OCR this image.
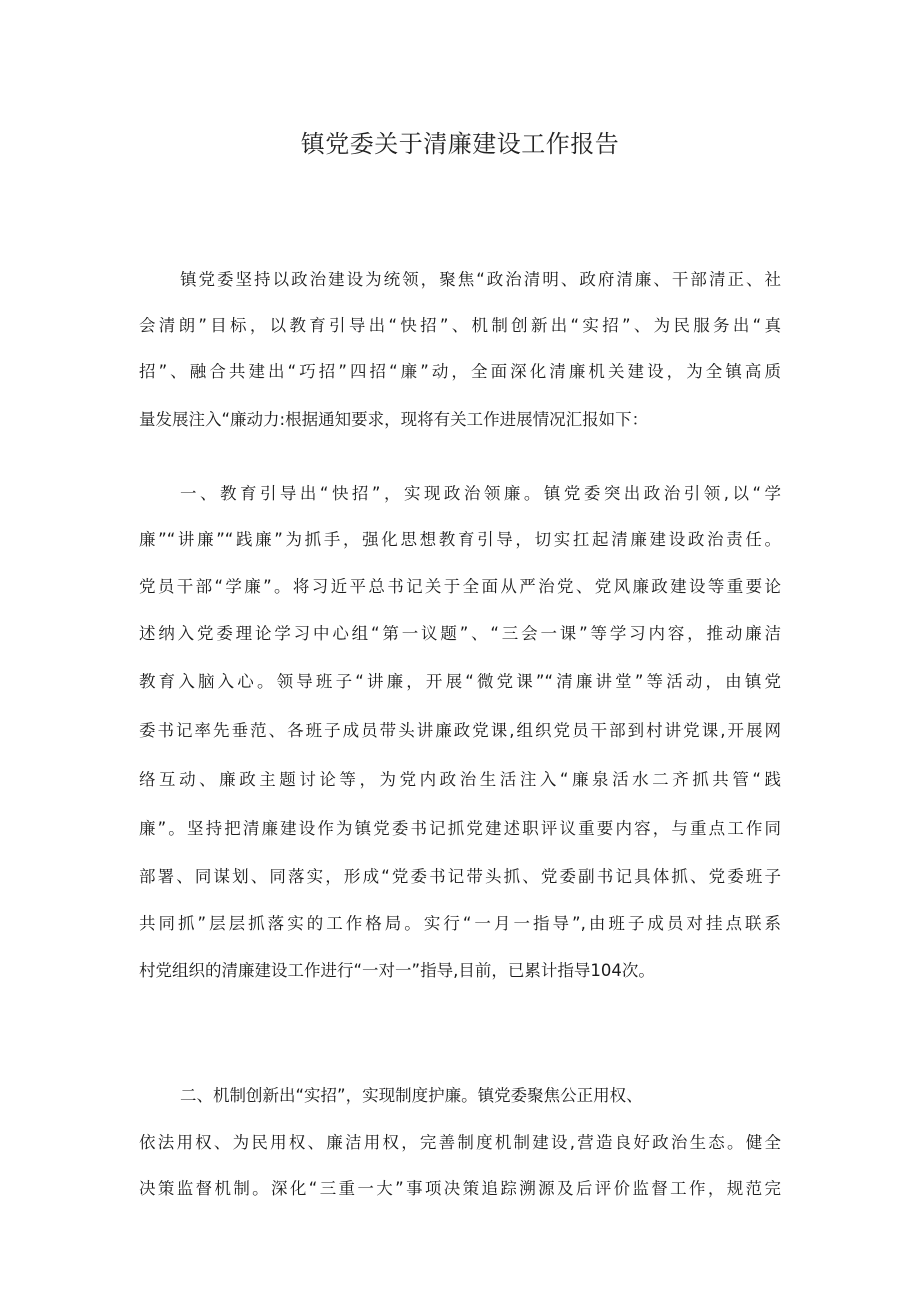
镇党委关于清廉建设工作报告
镇党委坚持以政治建设为统领，聚焦“政治清明、政府清廉、干部清正、社
会清朗”目标，以教育引导出“快招”、机制创新出“实招”、为民服务出“真
招”、融合共建出“巧招”四招“廉”动，全面深化清廉机关建设，为全镇高质
量发展注入“廉动力:根据通知要求，现将有关工作进展情况汇报如下：
一、教育引导出“快招”，实现政治领廉。镇党委突出政治引领,以“学
廉”“讲廉”“践廉”为抓手，强化思想教育引导，切实扛起清廉建设政治责任。
党员干部“学廉”。将习近平总书记关于全面从严治党、党风廉政建设等重要论
述纳入党委理论学习中心组“第一议题”、“三会一课”等学习内容，推动廉洁
教育入脑入心。领导班子“讲廉，开展“微党课”“清廉讲堂”等活动，由镇党
委书记率先垂范、各班子成员带头讲廉政党课,组织党员干部到村讲党课,开展网
络互动、廉政主题讨论等，为党内政治生活注入“廉泉活水二齐抓共管“践
廉”。坚持把清廉建设作为镇党委书记抓党建述职评议重要内容，与重点工作同
部署、同谋划、同落实，形成“党委书记带头抓、党委副书记具体抓、党委班子
共同抓”层层抓落实的工作格局。实行“一月一指导”,由班子成员对挂点联系
村党组织的清廉建设工作进行“一对一”指导,目前，已累计指导104次。
二、机制创新出“实招”，实现制度护廉。镇党委聚焦公正用权、
依法用权、为民用权、廉洁用权，完善制度机制建设,营造良好政治生态。健全
决策监督机制。深化“三重一大”事项决策追踪溯源及后评价监督工作，规范完
